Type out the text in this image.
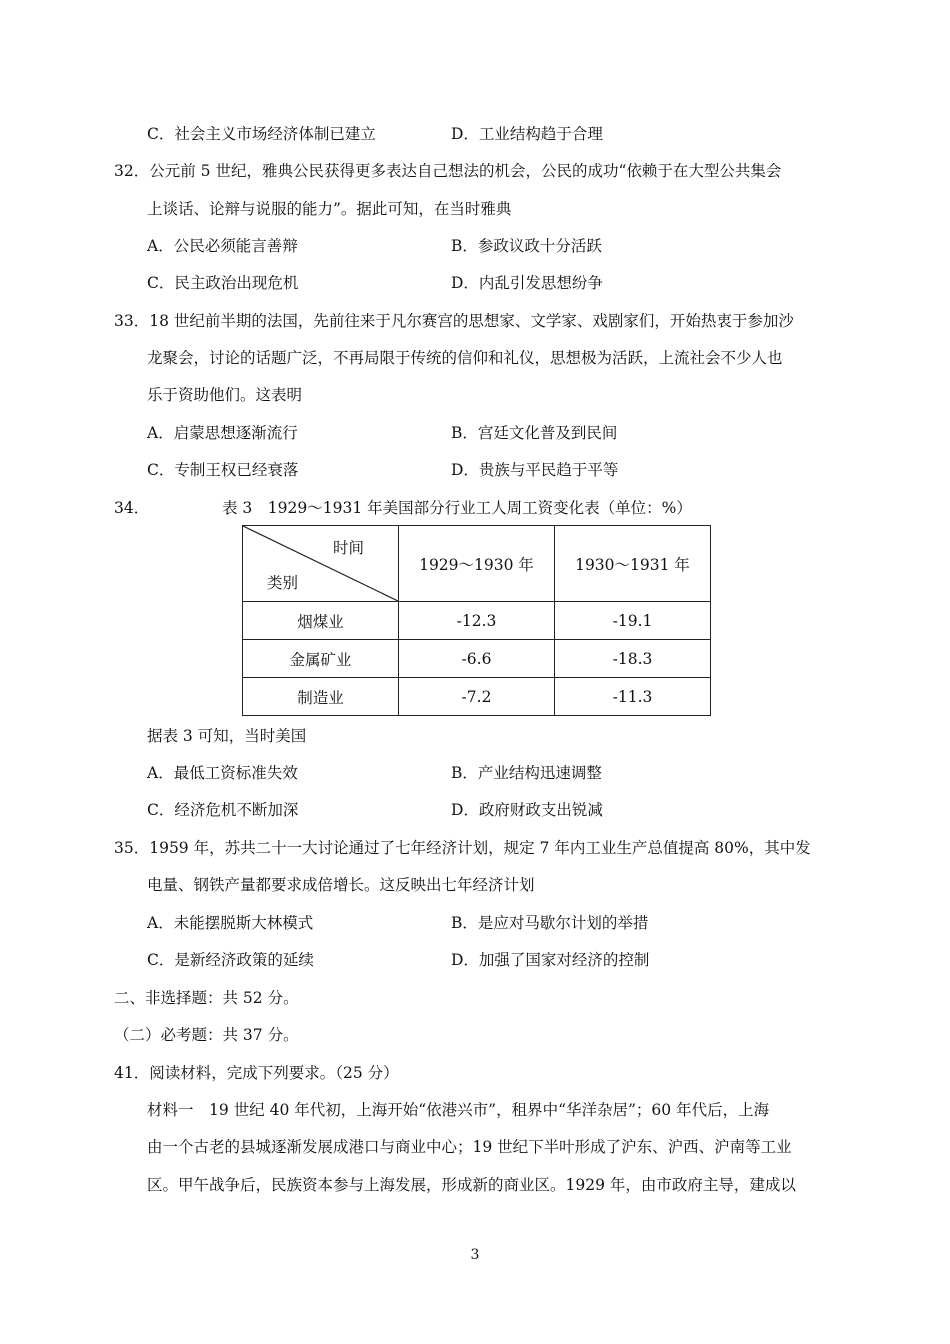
C．社会主义市场经济体制已建立	D．工业结构趋于合理
32．公元前 5 世纪，雅典公民获得更多表达自己想法的机会，公民的成功“依赖于在大型公共集会
上谈话、论辩与说服的能力”。据此可知，在当时雅典
A．公民必须能言善辩	B．参政议政十分活跃
C．民主政治出现危机	D．内乱引发思想纷争
33．18 世纪前半期的法国，先前往来于凡尔赛宫的思想家、文学家、戏剧家们，开始热衷于参加沙
龙聚会，讨论的话题广泛，不再局限于传统的信仰和礼仪，思想极为活跃，上流社会不少人也
乐于资助他们。这表明
A．启蒙思想逐渐流行	B．宫廷文化普及到民间
C．专制王权已经衰落	D．贵族与平民趋于平等
34．	表 3　1929～1931 年美国部分行业工人周工资变化表（单位：%）
时间
类别	1929～1930 年	1930～1931 年
烟煤业	-12.3	-19.1
金属矿业	-6.6	-18.3
制造业	-7.2	-11.3
据表 3 可知，当时美国
A．最低工资标准失效	B．产业结构迅速调整
C．经济危机不断加深	D．政府财政支出锐减
35．1959 年，苏共二十一大讨论通过了七年经济计划，规定 7 年内工业生产总值提高 80%，其中发
电量、钢铁产量都要求成倍增长。这反映出七年经济计划
A．未能摆脱斯大林模式	B．是应对马歇尔计划的举措
C．是新经济政策的延续	D．加强了国家对经济的控制
二、非选择题：共 52 分。
（二）必考题：共 37 分。
41．阅读材料，完成下列要求。（25 分）
材料一　19 世纪 40 年代初，上海开始“依港兴市”，租界中“华洋杂居”；60 年代后，上海
由一个古老的县城逐渐发展成港口与商业中心；19 世纪下半叶形成了沪东、沪西、沪南等工业
区。甲午战争后，民族资本参与上海发展，形成新的商业区。1929 年，由市政府主导，建成以
3
